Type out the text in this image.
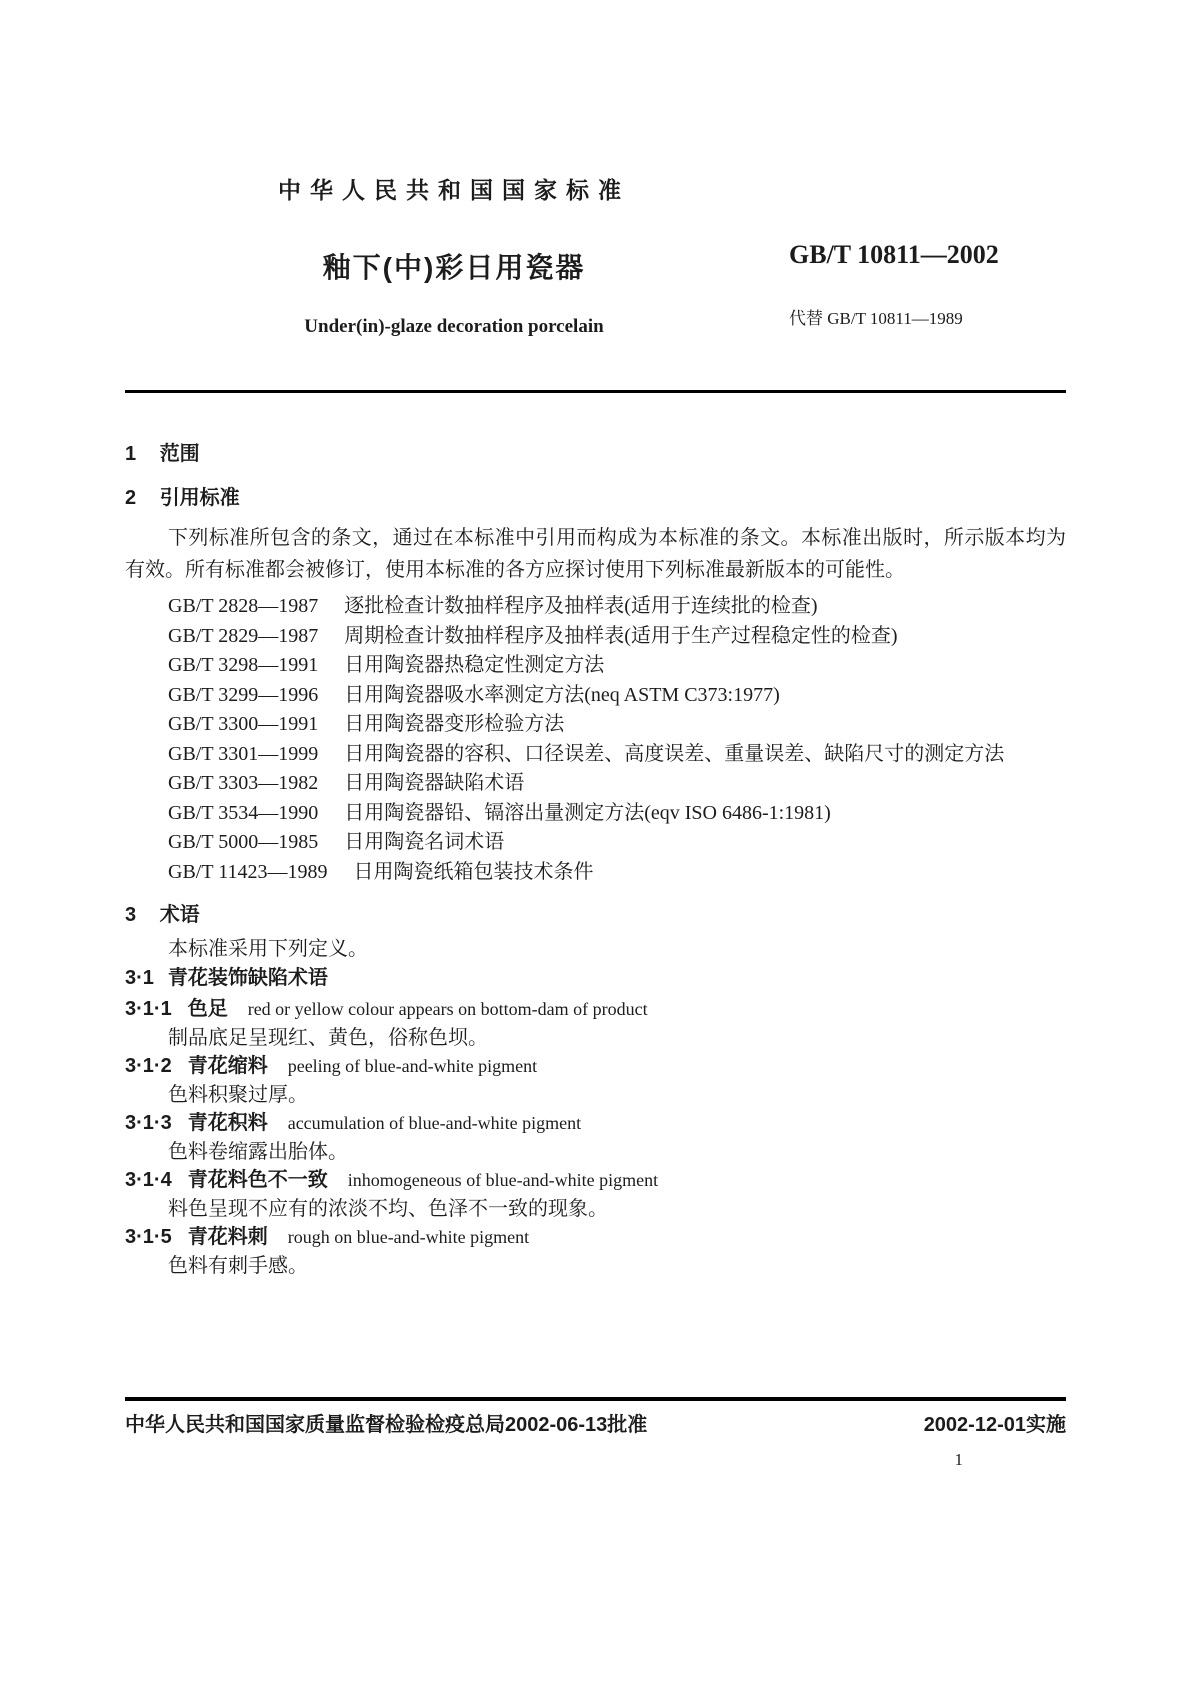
中华人民共和国国家标准
釉下(中)彩日用瓷器	GB/T 10811—2002
Under(in)-glaze decoration porcelain	代替 GB/T 10811—1989
1 范围

2 引用标准

下列标准所包含的条文，通过在本标准中引用而构成为本标准的条文。本标准出版时，所示版本均为有效。所有标准都会被修订，使用本标准的各方应探讨使用下列标准最新版本的可能性。

GB/T 2828—1987 逐批检查计数抽样程序及抽样表(适用于连续批的检查)
GB/T 2829—1987 周期检查计数抽样程序及抽样表(适用于生产过程稳定性的检查)
GB/T 3298—1991 日用陶瓷器热稳定性测定方法
GB/T 3299—1996 日用陶瓷器吸水率测定方法(neq ASTM C373:1977)
GB/T 3300—1991 日用陶瓷器变形检验方法
GB/T 3301—1999 日用陶瓷器的容积、口径误差、高度误差、重量误差、缺陷尺寸的测定方法
GB/T 3303—1982 日用陶瓷器缺陷术语
GB/T 3534—1990 日用陶瓷器铅、镉溶出量测定方法(eqv ISO 6486-1:1981)
GB/T 5000—1985 日用陶瓷名词术语
GB/T 11423—1989 日用陶瓷纸箱包装技术条件
3 术语

本标准采用下列定义。

3·1 青花装饰缺陷术语
3·1·1 色足 red or yellow colour appears on bottom-dam of product
制品底足呈现红、黄色，俗称色坝。
3·1·2 青花缩料 peeling of blue-and-white pigment
色料积聚过厚。
3·1·3 青花积料 accumulation of blue-and-white pigment
色料卷缩露出胎体。
3·1·4 青花料色不一致 inhomogeneous of blue-and-white pigment
料色呈现不应有的浓淡不均、色泽不一致的现象。
3·1·5 青花料刺 rough on blue-and-white pigment
色料有刺手感。
中华人民共和国国家质量监督检验检疫总局2002-06-13批准	2002-12-01实施
1
